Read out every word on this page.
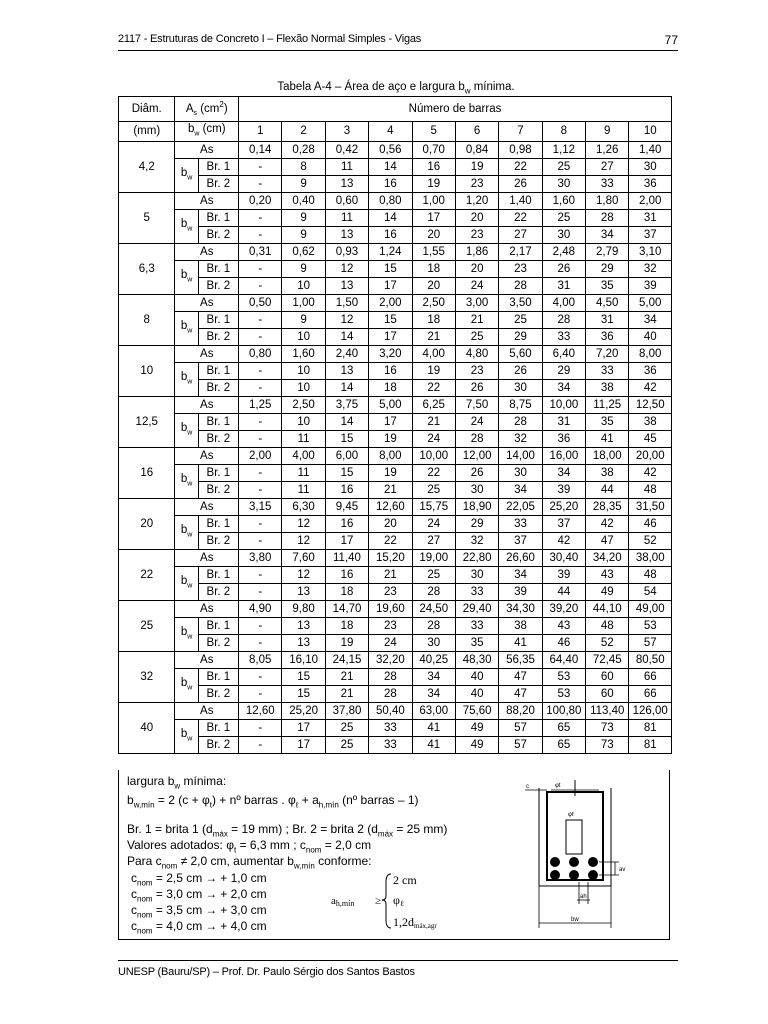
2117 - Estruturas de Concreto I – Flexão Normal Simples - Vigas	77
Tabela A-4 – Área de aço e largura $b_w$ mínima.
Diâm.	$A_s$ $(cm^2)$		Número de barras									
(mm)	$b_w$ (cm)		1	2	3	4	5	6	7	8	9	10
4,2	As		0,14	0,28	0,42	0,56	0,70	0,84	0,98	1,12	1,26	1,40
	$b_w$	Br. 1	-	8	11	14	16	19	22	25	27	30
		Br. 2	-	9	13	16	19	23	26	30	33	36
5	As		0,20	0,40	0,60	0,80	1,00	1,20	1,40	1,60	1,80	2,00
	$b_w$	Br. 1	-	9	11	14	17	20	22	25	28	31
		Br. 2	-	9	13	16	20	23	27	30	34	37
6,3	As		0,31	0,62	0,93	1,24	1,55	1,86	2,17	2,48	2,79	3,10
	$b_w$	Br. 1	-	9	12	15	18	20	23	26	29	32
		Br. 2	-	10	13	17	20	24	28	31	35	39
8	As		0,50	1,00	1,50	2,00	2,50	3,00	3,50	4,00	4,50	5,00
	$b_w$	Br. 1	-	9	12	15	18	21	25	28	31	34
		Br. 2	-	10	14	17	21	25	29	33	36	40
10	As		0,80	1,60	2,40	3,20	4,00	4,80	5,60	6,40	7,20	8,00
	$b_w$	Br. 1	-	10	13	16	19	23	26	29	33	36
		Br. 2	-	10	14	18	22	26	30	34	38	42
12,5	As		1,25	2,50	3,75	5,00	6,25	7,50	8,75	10,00	11,25	12,50
	$b_w$	Br. 1	-	10	14	17	21	24	28	31	35	38
		Br. 2	-	11	15	19	24	28	32	36	41	45
16	As		2,00	4,00	6,00	8,00	10,00	12,00	14,00	16,00	18,00	20,00
	$b_w$	Br. 1	-	11	15	19	22	26	30	34	38	42
		Br. 2	-	11	16	21	25	30	34	39	44	48
20	As		3,15	6,30	9,45	12,60	15,75	18,90	22,05	25,20	28,35	31,50
	$b_w$	Br. 1	-	12	16	20	24	29	33	37	42	46
		Br. 2	-	12	17	22	27	32	37	42	47	52
22	As		3,80	7,60	11,40	15,20	19,00	22,80	26,60	30,40	34,20	38,00
	$b_w$	Br. 1	-	12	16	21	25	30	34	39	43	48
		Br. 2	-	13	18	23	28	33	39	44	49	54
25	As		4,90	9,80	14,70	19,60	24,50	29,40	34,30	39,20	44,10	49,00
	$b_w$	Br. 1	-	13	18	23	28	33	38	43	48	53
		Br. 2	-	13	19	24	30	35	41	46	52	57
32	As		8,05	16,10	24,15	32,20	40,25	48,30	56,35	64,40	72,45	80,50
	$b_w$	Br. 1	-	15	21	28	34	40	47	53	60	66
		Br. 2	-	15	21	28	34	40	47	53	60	66
40	As		12,60	25,20	37,80	50,40	63,00	75,60	88,20	100,80	113,40	126,00
	$b_w$	Br. 1	-	17	25	33	41	49	57	65	73	81
		Br. 2	-	17	25	33	41	49	57	65	73	81
largura $b_w$ mínima:
$b_{w,mín} = 2$ $(c + \varphi_t)$ + nº barras . $\varphi_\ell + a_{h,mín}$ (nº barras – 1)
Br. 1 = brita 1 ($d_{máx} = 19$ mm) ; Br. 2 = brita 2 ($d_{máx} = 25$ mm)
Valores adotados: $\varphi_t = 6,3$ mm ; $c_{nom} = 2,0$ cm
Para $c_{nom} \ne 2,0$ cm, aumentar $b_{w,mín}$ conforme:
$c_{nom} = 2,5$ cm → + 1,0 cm
$c_{nom} = 3,0$ cm → + 2,0 cm
$c_{nom} = 3,5$ cm → + 3,0 cm
$c_{nom} = 4,0$ cm → + 4,0 cm
ah,mín ≥
2 cm
φℓ
1,2dmáx,agr
c	φt
φℓ
av
ah
bw
UNESP (Bauru/SP) – Prof. Dr. Paulo Sérgio dos Santos Bastos
